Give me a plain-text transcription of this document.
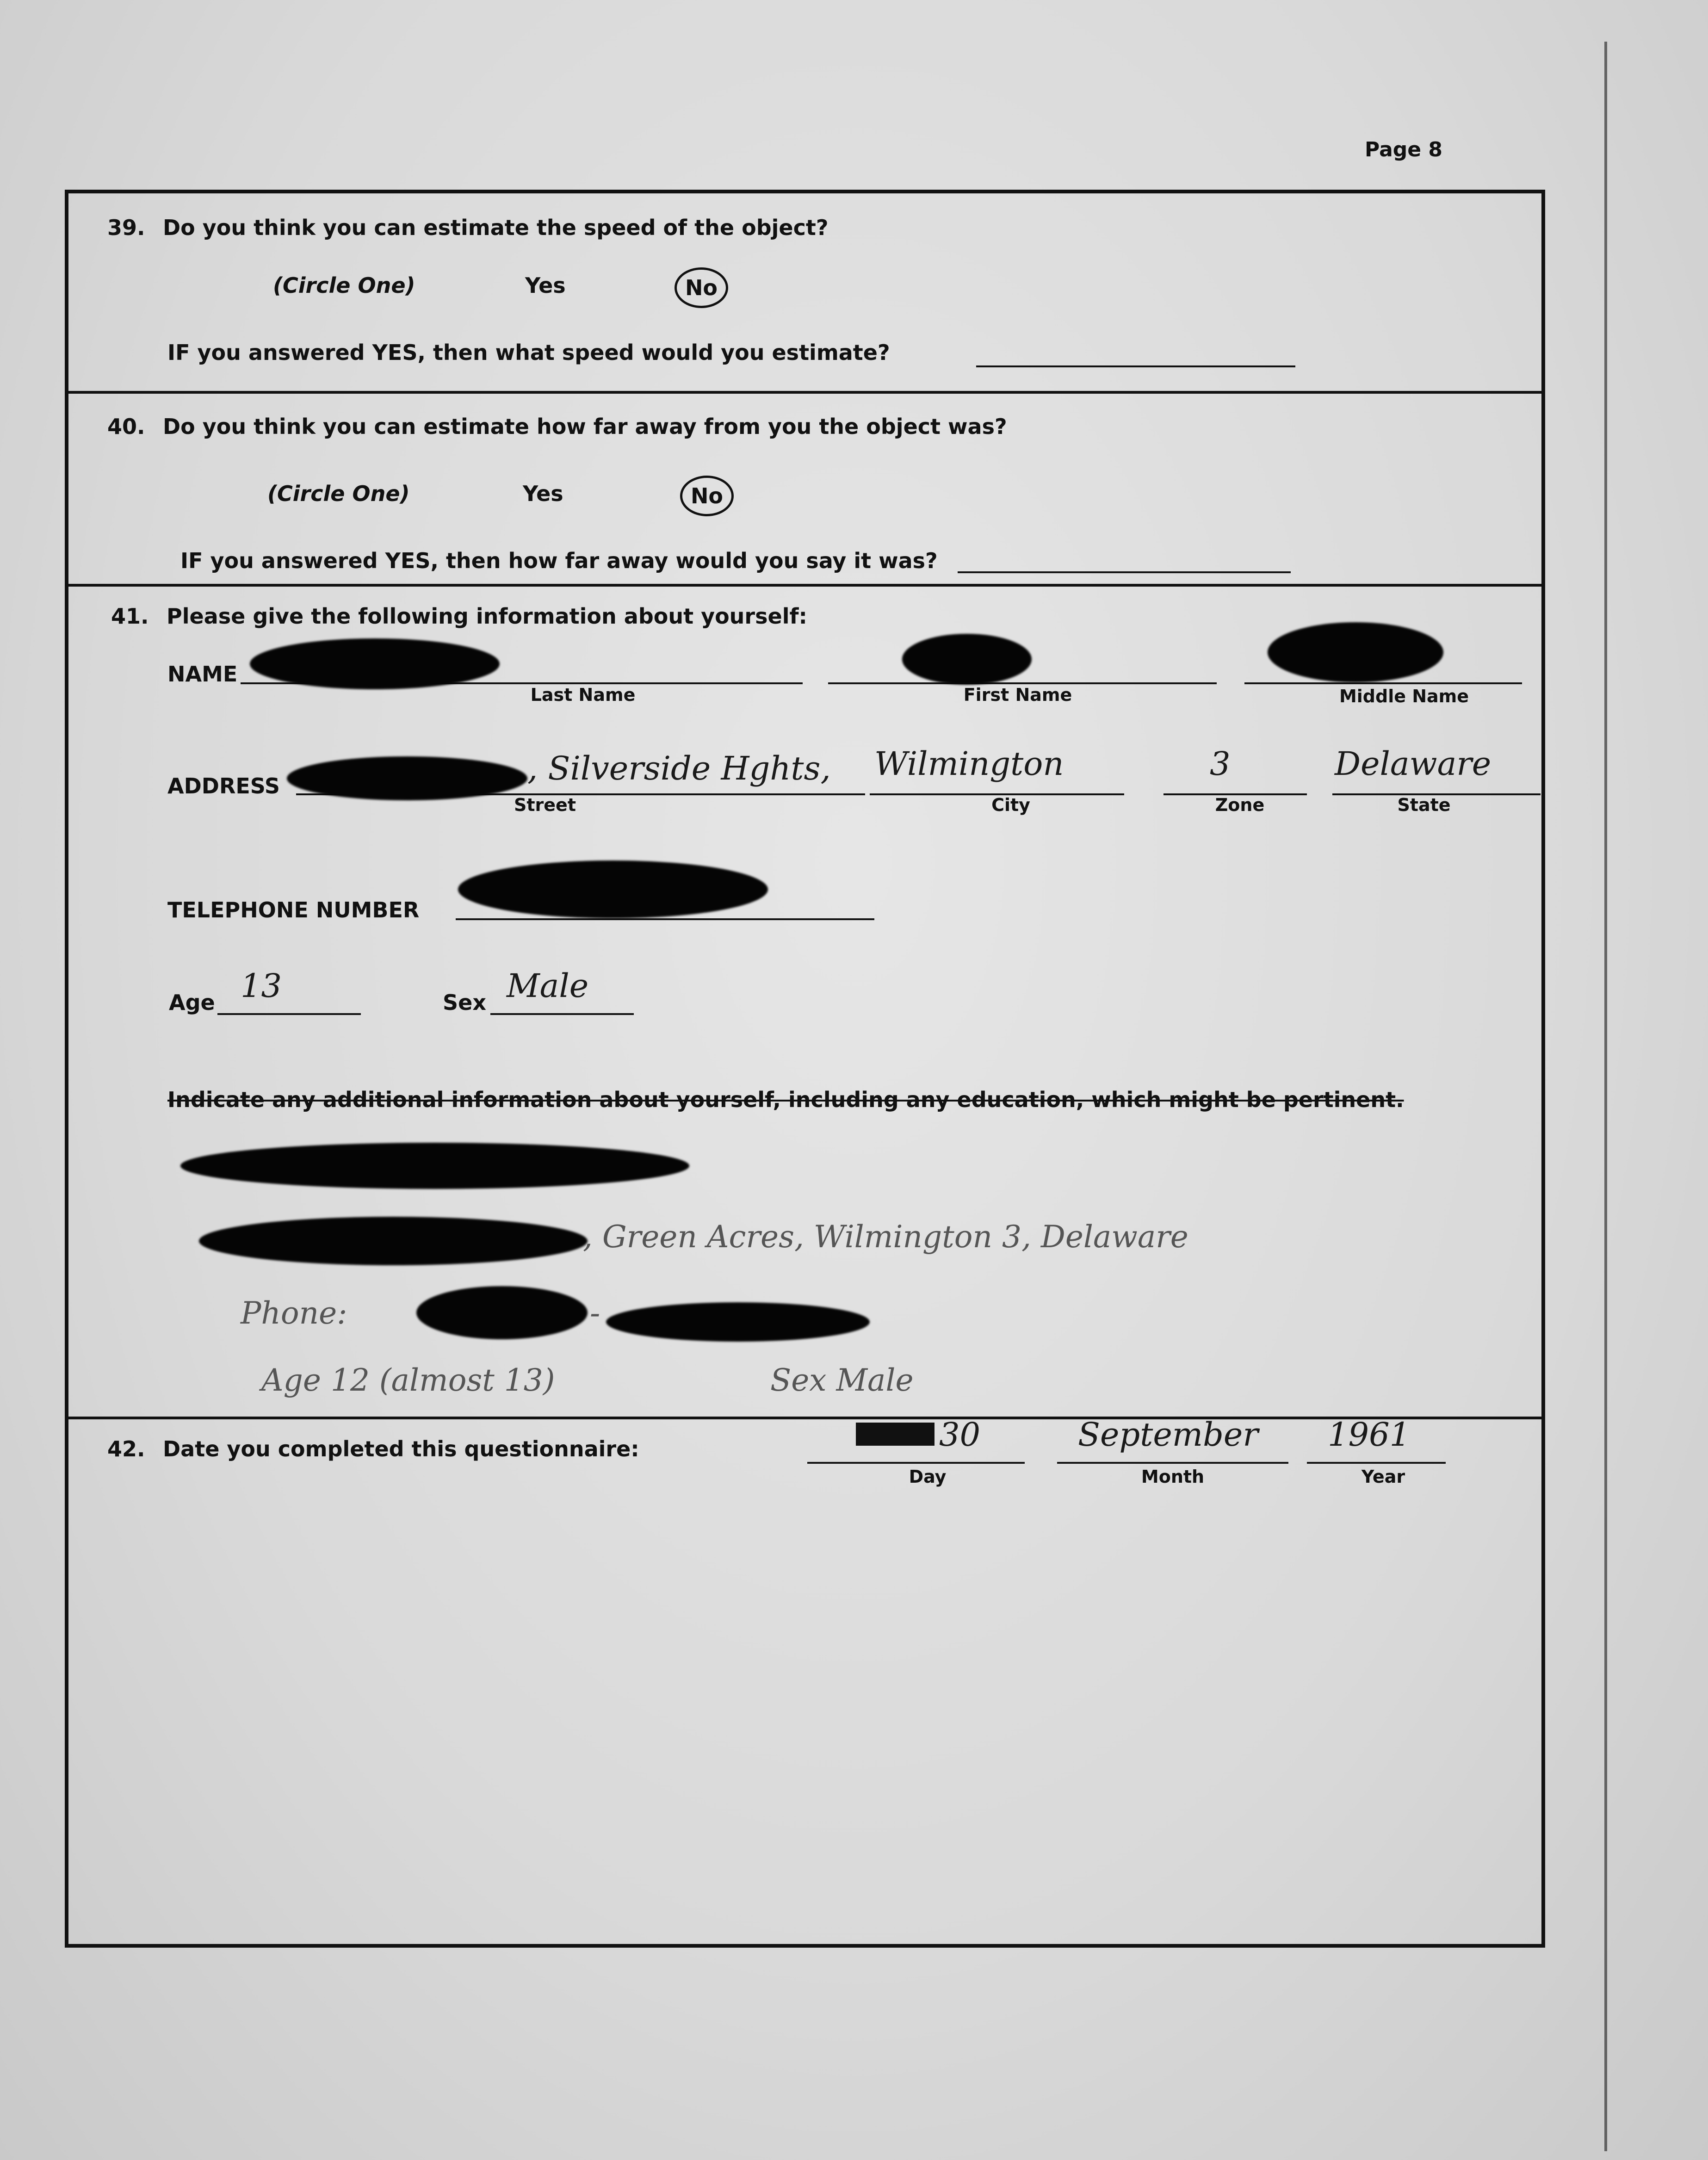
Page 8
39. Do you think you can estimate the speed of the object?
(Circle One)	Yes	No
IF you answered YES, then what speed would you estimate?
40. Do you think you can estimate how far away from you the object was?
(Circle One)	Yes	No
IF you answered YES, then how far away would you say it was?
41. Please give the following information about yourself:
NAME
Last Name	First Name	Middle Name
ADDRESS	, Silverside Hghts, Wilmington	3	Delaware
Street	City	Zone	State
TELEPHONE NUMBER
Age 13	Sex Male
Indicate any additional information about yourself, including any education, which might be pertinent.
, Green Acres, Wilmington 3, Delaware
Phone:	-
Age 12 (almost 13)	Sex Male
42. Date you completed this questionnaire:	30	September 1961
Day	Month	Year
